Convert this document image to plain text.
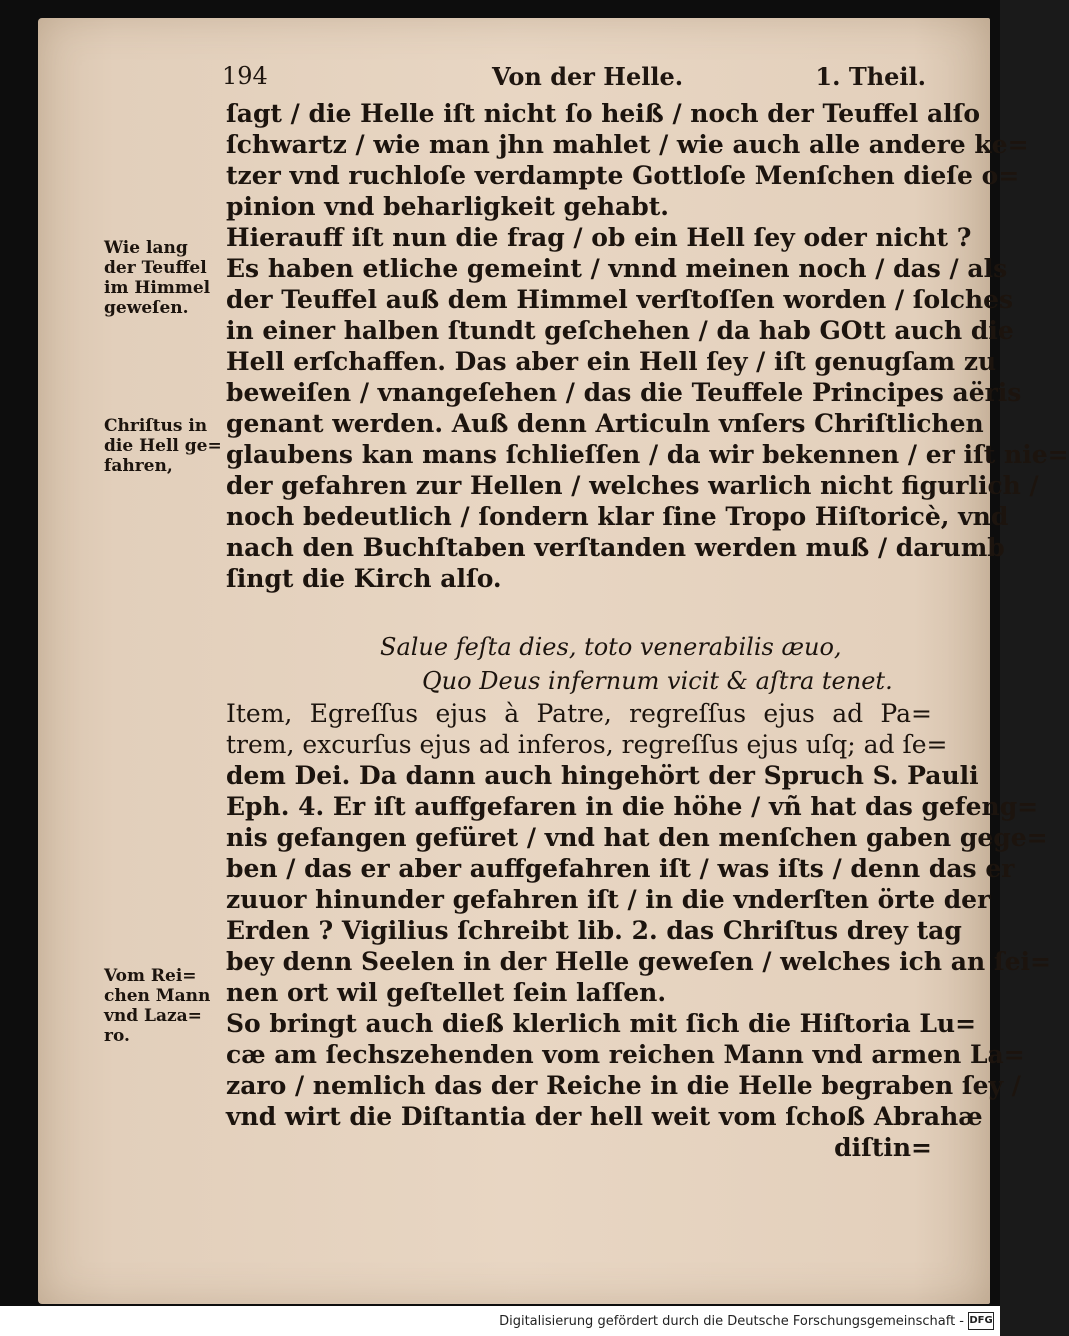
194	Von der Helle.	1. Theil.
Wie lang
der Teuffel
im Himmel
geweſen.
Chriſtus in
die Hell ge=
fahren,
Vom Rei=
chen Mann
vnd Laza=
ro.
ſagt / die Helle iſt nicht ſo heiß / noch der Teuffel alſo
ſchwartz / wie man jhn mahlet / wie auch alle andere ke=
tzer vnd ruchloſe verdampte Gottloſe Menſchen dieſe o=
pinion vnd beharligkeit gehabt.
Hierauff iſt nun die frag / ob ein Hell ſey oder nicht ?
Es haben etliche gemeint / vnnd meinen noch / das / als
der Teuffel auß dem Himmel verſtoſſen worden / ſolches
in einer halben ſtundt geſchehen / da hab GOtt auch die
Hell erſchaffen. Das aber ein Hell ſey / iſt genugſam zu
beweiſen / vnangeſehen / das die Teuffele Principes aëris
genant werden. Auß denn Articuln vnſers Chriſtlichen
glaubens kan mans ſchlieſſen / da wir bekennen / er iſt nie=
der gefahren zur Hellen / welches warlich nicht figurlich /
noch bedeutlich / ſondern klar ſine Tropo Hiſtoricè, vnd
nach den Buchſtaben verſtanden werden muß / darumb
ſingt die Kirch alſo.
Salue feſta dies, toto venerabilis æuo,
Quo Deus infernum vicit & aſtra tenet.
Item, Egreſſus ejus à Patre, regreſſus ejus ad Pa=
trem, excurſus ejus ad inferos, regreſſus ejus uſq; ad ſe=
dem Dei. Da dann auch hingehört der Spruch S. Pauli
Eph. 4. Er iſt auffgefaren in die höhe / vñ hat das gefeng=
nis gefangen gefüret / vnd hat den menſchen gaben gege=
ben / das er aber auffgefahren iſt / was iſts / denn das er
zuuor hinunder gefahren iſt / in die vnderſten örte der
Erden ? Vigilius ſchreibt lib. 2. das Chriſtus drey tag
bey denn Seelen in der Helle geweſen / welches ich an ſei=
nen ort wil geſtellet ſein laſſen.
So bringt auch dieß klerlich mit ſich die Hiſtoria Lu=
cæ am ſechszehenden vom reichen Mann vnd armen La=
zaro / nemlich das der Reiche in die Helle begraben ſey /
vnd wirt die Diſtantia der hell weit vom ſchoß Abrahæ
diſtin=
Digitalisierung gefördert durch die Deutsche Forschungsgemeinschaft - DFG
